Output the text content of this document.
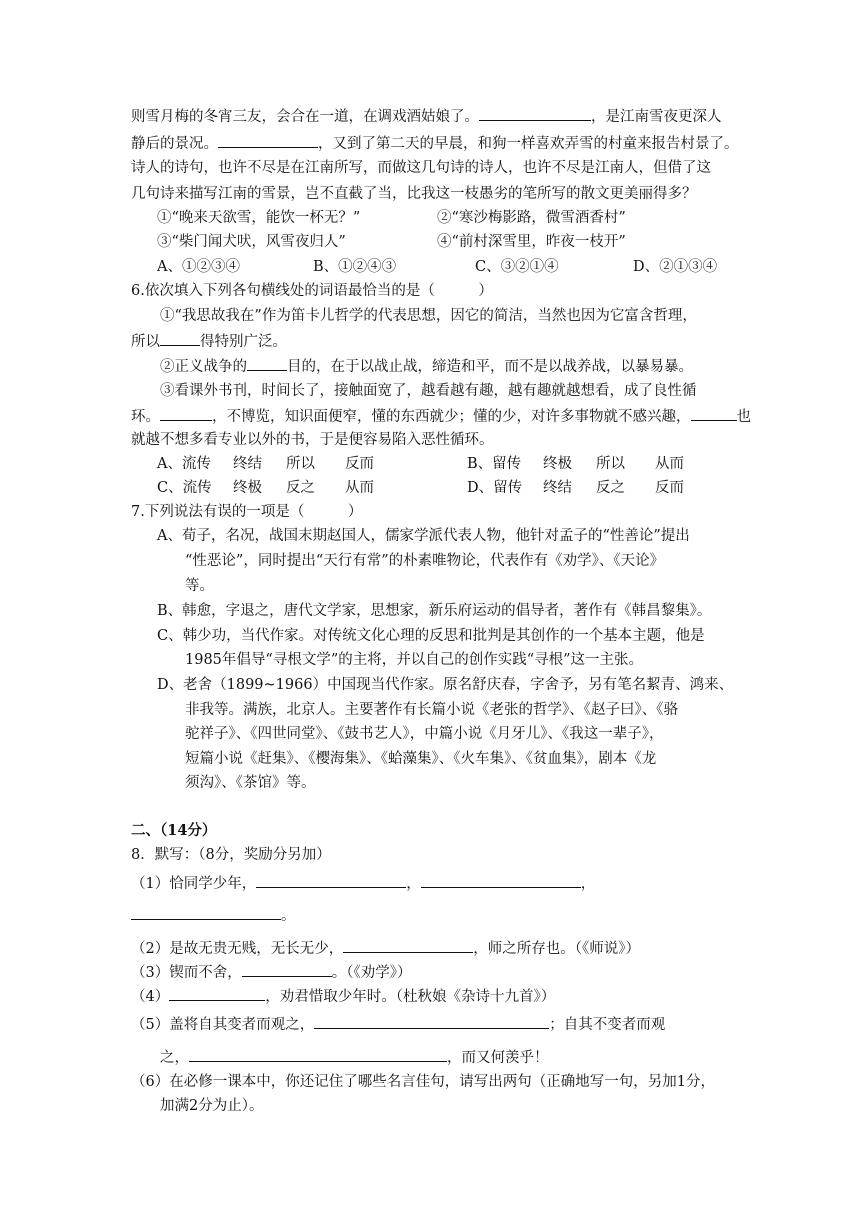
则雪月梅的冬宵三友，会合在一道，在调戏酒姑娘了。	，是江南雪夜更深人
静后的景况。	，又到了第二天的早晨，和狗一样喜欢弄雪的村童来报告村景了。
诗人的诗句，也许不尽是在江南所写，而做这几句诗的诗人，也许不尽是江南人，但借了这
几句诗来描写江南的雪景，岂不直截了当，比我这一枝愚劣的笔所写的散文更美丽得多？
①“晚来天欲雪，能饮一杯无？”	②“寒沙梅影路，微雪酒香村”
③“柴门闻犬吠，风雪夜归人”	④“前村深雪里，昨夜一枝开”
A、①②③④	B、①②④③	C、③②①④	D、②①③④
6.依次填入下列各句横线处的词语最恰当的是（　　　）
①“我思故我在”作为笛卡儿哲学的代表思想，因它的简洁，当然也因为它富含哲理，
所以	得特别广泛。
②正义战争的	目的，在于以战止战，缔造和平，而不是以战养战，以暴易暴。
③看课外书刊，时间长了，接触面宽了，越看越有趣，越有趣就越想看，成了良性循
环。	，不博览，知识面便窄，懂的东西就少；懂的少，对许多事物就不感兴趣，	也
就越不想多看专业以外的书，于是便容易陷入恶性循环。
A、流传 终结 所以 反而	B、留传 终极 所以 从而
C、流传 终极 反之 从而	D、留传 终结 反之 反而
7.下列说法有误的一项是（　　　）
A、荀子，名况，战国末期赵国人，儒家学派代表人物，他针对孟子的“性善论”提出
“性恶论”，同时提出“天行有常”的朴素唯物论，代表作有《劝学》、《天论》
等。
B、韩愈，字退之，唐代文学家，思想家，新乐府运动的倡导者，著作有《韩昌黎集》。
C、韩少功，当代作家。对传统文化心理的反思和批判是其创作的一个基本主题，他是
1985年倡导“寻根文学”的主将，并以自己的创作实践“寻根”这一主张。
D、老舍（1899~1966）中国现当代作家。原名舒庆春，字舍予，另有笔名絜青、鸿来、
非我等。满族，北京人。主要著作有长篇小说《老张的哲学》、《赵子曰》、《骆
驼祥子》、《四世同堂》、《鼓书艺人》，中篇小说《月牙儿》、《我这一辈子》，
短篇小说《赶集》、《樱海集》、《蛤藻集》、《火车集》、《贫血集》，剧本《龙
须沟》、《茶馆》等。
二、（14分）
8．默写：（8分，奖励分另加）
（1）恰同学少年，	，	，
。
（2）是故无贵无贱，无长无少，	，师之所存也。（《师说》）
（3）锲而不舍，	。（《劝学》）
（4）	，劝君惜取少年时。（杜秋娘《杂诗十九首》）
（5）盖将自其变者而观之，	；自其不变者而观
之，	，而又何羡乎！
（6）在必修一课本中，你还记住了哪些名言佳句，请写出两句（正确地写一句，另加1分，
加满2分为止）。
